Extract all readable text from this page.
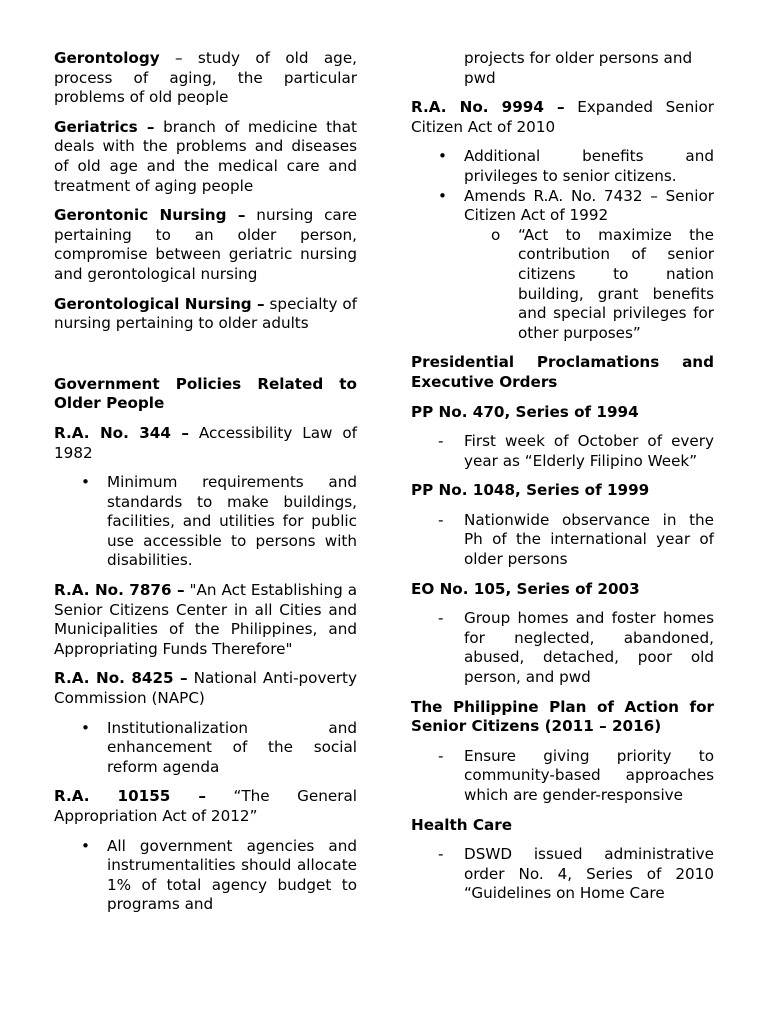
Gerontology – study of old age, process of aging, the particular problems of old people

Geriatrics – branch of medicine that deals with the problems and diseases of old age and the medical care and treatment of aging people

Gerontonic Nursing – nursing care pertaining to an older person, compromise between geriatric nursing and gerontological nursing

Gerontological Nursing – specialty of nursing pertaining to older adults

Government Policies Related to Older People

R.A. No. 344 – Accessibility Law of 1982

• Minimum requirements and standards to make buildings, facilities, and utilities for public use accessible to persons with disabilities.

R.A. No. 7876 – "An Act Establishing a Senior Citizens Center in all Cities and Municipalities of the Philippines, and Appropriating Funds Therefore"

R.A. No. 8425 – National Anti-poverty Commission (NAPC)

• Institutionalization and enhancement of the social reform agenda

R.A. 10155 – “The General Appropriation Act of 2012”

• All government agencies and instrumentalities should allocate 1% of total agency budget to programs and
projects for older persons and pwd

R.A. No. 9994 – Expanded Senior Citizen Act of 2010

• Additional benefits and privileges to senior citizens.
• Amends R.A. No. 7432 – Senior Citizen Act of 1992
o “Act to maximize the contribution of senior citizens to nation building, grant benefits and special privileges for other purposes”

Presidential Proclamations and Executive Orders

PP No. 470, Series of 1994

- First week of October of every year as “Elderly Filipino Week”

PP No. 1048, Series of 1999

- Nationwide observance in the Ph of the international year of older persons

EO No. 105, Series of 2003

- Group homes and foster homes for neglected, abandoned, abused, detached, poor old person, and pwd

The Philippine Plan of Action for Senior Citizens (2011 – 2016)

- Ensure giving priority to community-based approaches which are gender-responsive

Health Care

- DSWD issued administrative order No. 4, Series of 2010 “Guidelines on Home Care
